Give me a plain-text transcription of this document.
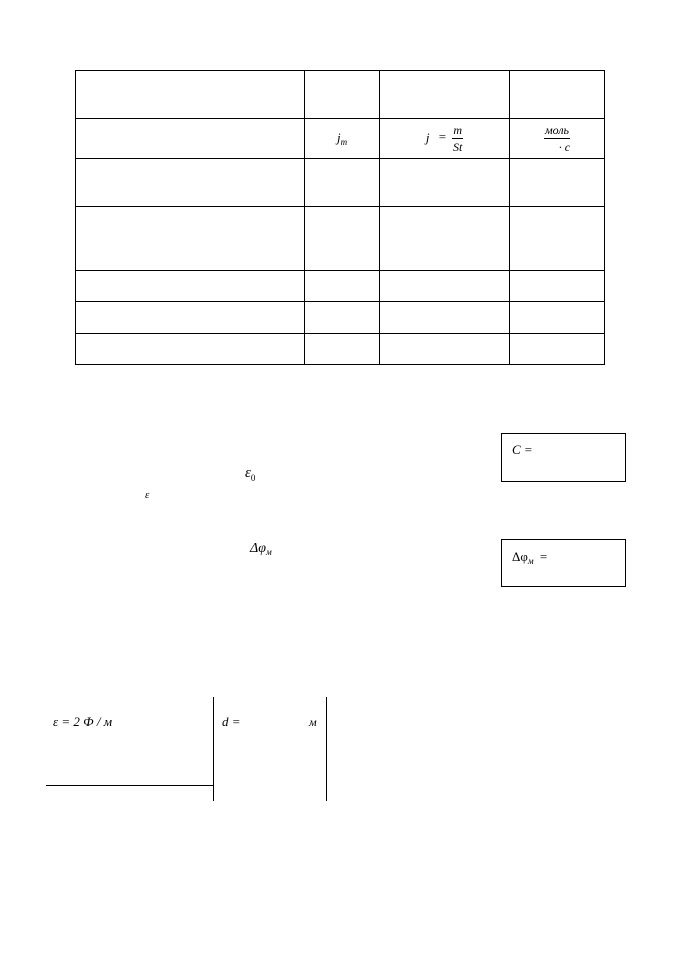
	$j_m$	$j = \frac{m}{St}$	$\frac{\text{моль}}{\cdot c}$

$\varepsilon_0$
ε
$\Delta\varphi_м$
C =
$\Delta\varphi_м$ =
ε = 2 Ф / м	d =	м
